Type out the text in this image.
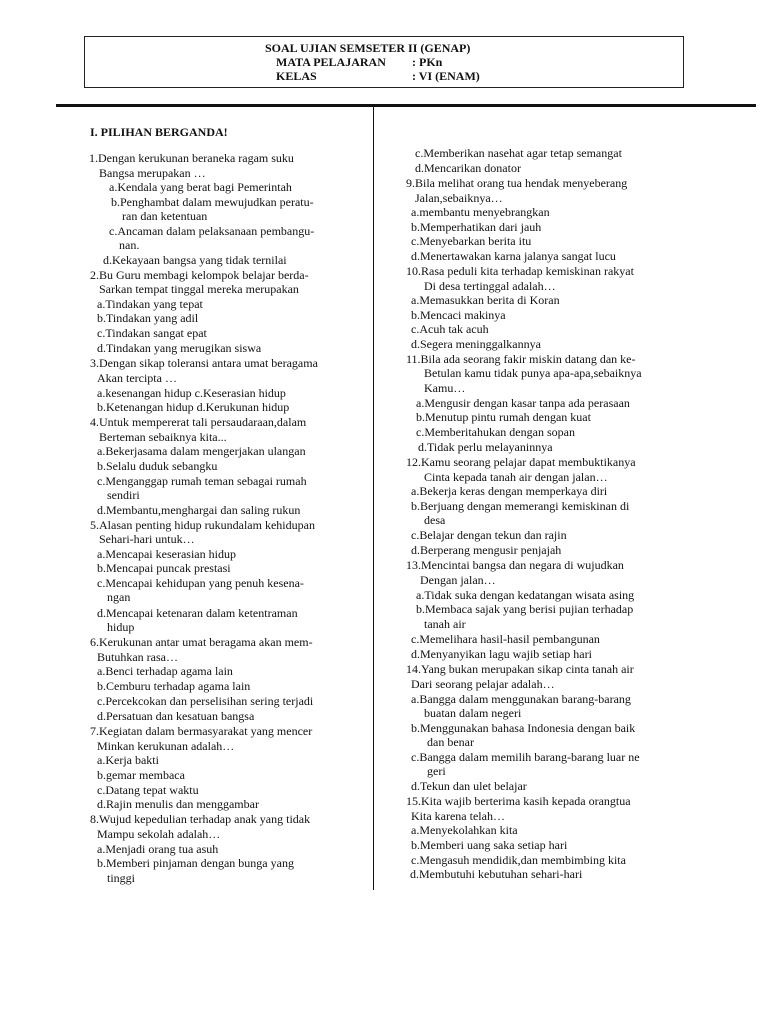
SOAL UJIAN SEMSETER II (GENAP)
MATA PELAJARAN : PKn
KELAS	: VI (ENAM)
I. PILIHAN BERGANDA!
1.Dengan kerukunan beraneka ragam suku
Bangsa merupakan …
a.Kendala yang berat bagi Pemerintah
b.Penghambat dalam mewujudkan peratu-
ran dan ketentuan
c.Ancaman dalam pelaksanaan pembangu-
nan.
d.Kekayaan bangsa yang tidak ternilai
2.Bu Guru membagi kelompok belajar berda-
Sarkan tempat tinggal mereka merupakan
a.Tindakan yang tepat
b.Tindakan yang adil
c.Tindakan sangat epat
d.Tindakan yang merugikan siswa
3.Dengan sikap toleransi antara umat beragama
Akan tercipta …
a.kesenangan hidup c.Keserasian hidup
b.Ketenangan hidup d.Kerukunan hidup
4.Untuk mempererat tali persaudaraan,dalam
Berteman sebaiknya kita...
a.Bekerjasama dalam mengerjakan ulangan
b.Selalu duduk sebangku
c.Menganggap rumah teman sebagai rumah
sendiri
d.Membantu,menghargai dan saling rukun
5.Alasan penting hidup rukundalam kehidupan
Sehari-hari untuk…
a.Mencapai keserasian hidup
b.Mencapai puncak prestasi
c.Mencapai kehidupan yang penuh kesena-
ngan
d.Mencapai ketenaran dalam ketentraman
hidup
6.Kerukunan antar umat beragama akan mem-
Butuhkan rasa…
a.Benci terhadap agama lain
b.Cemburu terhadap agama lain
c.Percekcokan dan perselisihan sering terjadi
d.Persatuan dan kesatuan bangsa
7.Kegiatan dalam bermasyarakat yang mencer
Minkan kerukunan adalah…
a.Kerja bakti
b.gemar membaca
c.Datang tepat waktu
d.Rajin menulis dan menggambar
8.Wujud kepedulian terhadap anak yang tidak
Mampu sekolah adalah…
a.Menjadi orang tua asuh
b.Memberi pinjaman dengan bunga yang
tinggi
c.Memberikan nasehat agar tetap semangat
d.Mencarikan donator
9.Bila melihat orang tua hendak menyeberang
Jalan,sebaiknya…
a.membantu menyebrangkan
b.Memperhatikan dari jauh
c.Menyebarkan berita itu
d.Menertawakan karna jalanya sangat lucu
10.Rasa peduli kita terhadap kemiskinan rakyat
Di desa tertinggal adalah…
a.Memasukkan berita di Koran
b.Mencaci makinya
c.Acuh tak acuh
d.Segera meninggalkannya
11.Bila ada seorang fakir miskin datang dan ke-
Betulan kamu tidak punya apa-apa,sebaiknya
Kamu…
a.Mengusir dengan kasar tanpa ada perasaan
b.Menutup pintu rumah dengan kuat
c.Memberitahukan dengan sopan
d.Tidak perlu melayaninnya
12.Kamu seorang pelajar dapat membuktikanya
Cinta kepada tanah air dengan jalan…
a.Bekerja keras dengan memperkaya diri
b.Berjuang dengan memerangi kemiskinan di
desa
c.Belajar dengan tekun dan rajin
d.Berperang mengusir penjajah
13.Mencintai bangsa dan negara di wujudkan
Dengan jalan…
a.Tidak suka dengan kedatangan wisata asing
b.Membaca sajak yang berisi pujian terhadap
tanah air
c.Memelihara hasil-hasil pembangunan
d.Menyanyikan lagu wajib setiap hari
14.Yang bukan merupakan sikap cinta tanah air
Dari seorang pelajar adalah…
a.Bangga dalam menggunakan barang-barang
buatan dalam negeri
b.Menggunakan bahasa Indonesia dengan baik
dan benar
c.Bangga dalam memilih barang-barang luar ne
geri
d.Tekun dan ulet belajar
15.Kita wajib berterima kasih kepada orangtua
Kita karena telah…
a.Menyekolahkan kita
b.Memberi uang saka setiap hari
c.Mengasuh mendidik,dan membimbing kita
d.Membutuhi kebutuhan sehari-hari
